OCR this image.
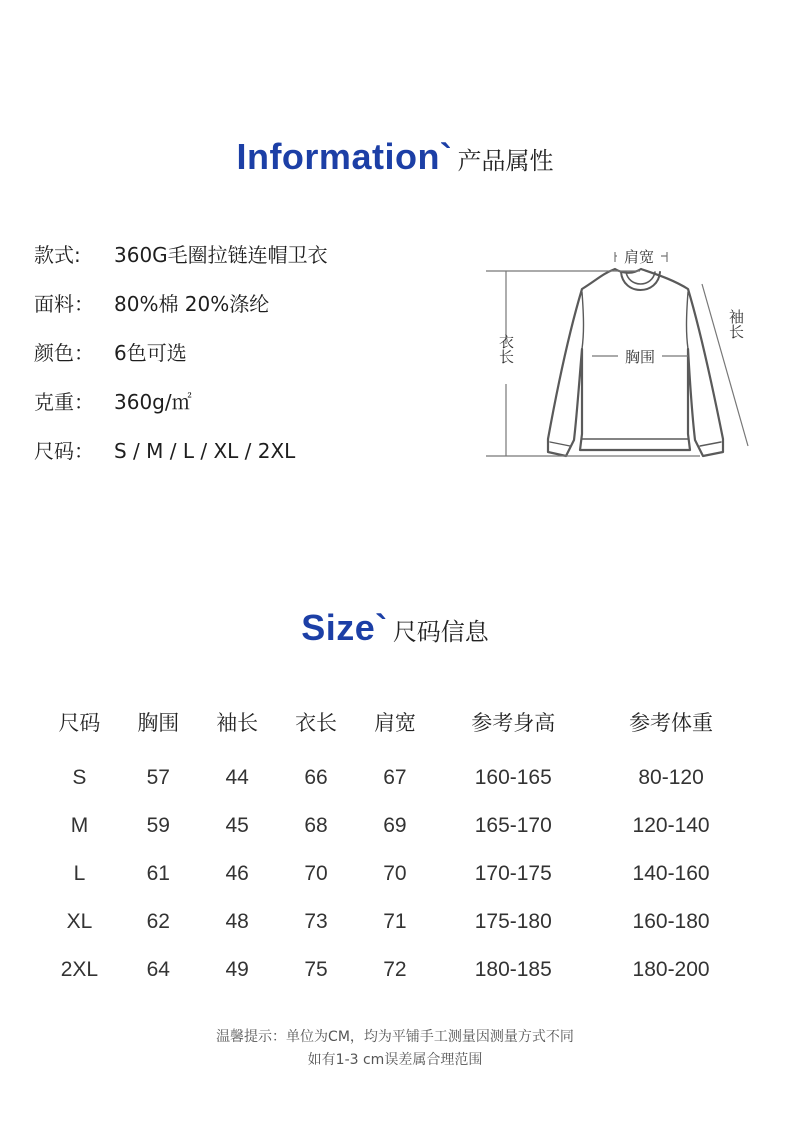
Information` 产品属性
款式:	360G毛圈拉链连帽卫衣
面料：	80%棉 20%涤纶
颜色：	6色可选
克重：	360g/㎡
尺码：	S / M / L / XL / 2XL
肩宽
胸围
衣长
袖长
Size` 尺码信息
尺码	胸围	袖长	衣长	肩宽	参考身高	参考体重

S	57	44	66	67	160-165	80-120
M	59	45	68	69	165-170	120-140
L	61	46	70	70	170-175	140-160
XL	62	48	73	71	175-180	160-180
2XL	64	49	75	72	180-185	180-200
温馨提示：单位为CM，均为平铺手工测量因测量方式不同
如有1-3 cm误差属合理范围
